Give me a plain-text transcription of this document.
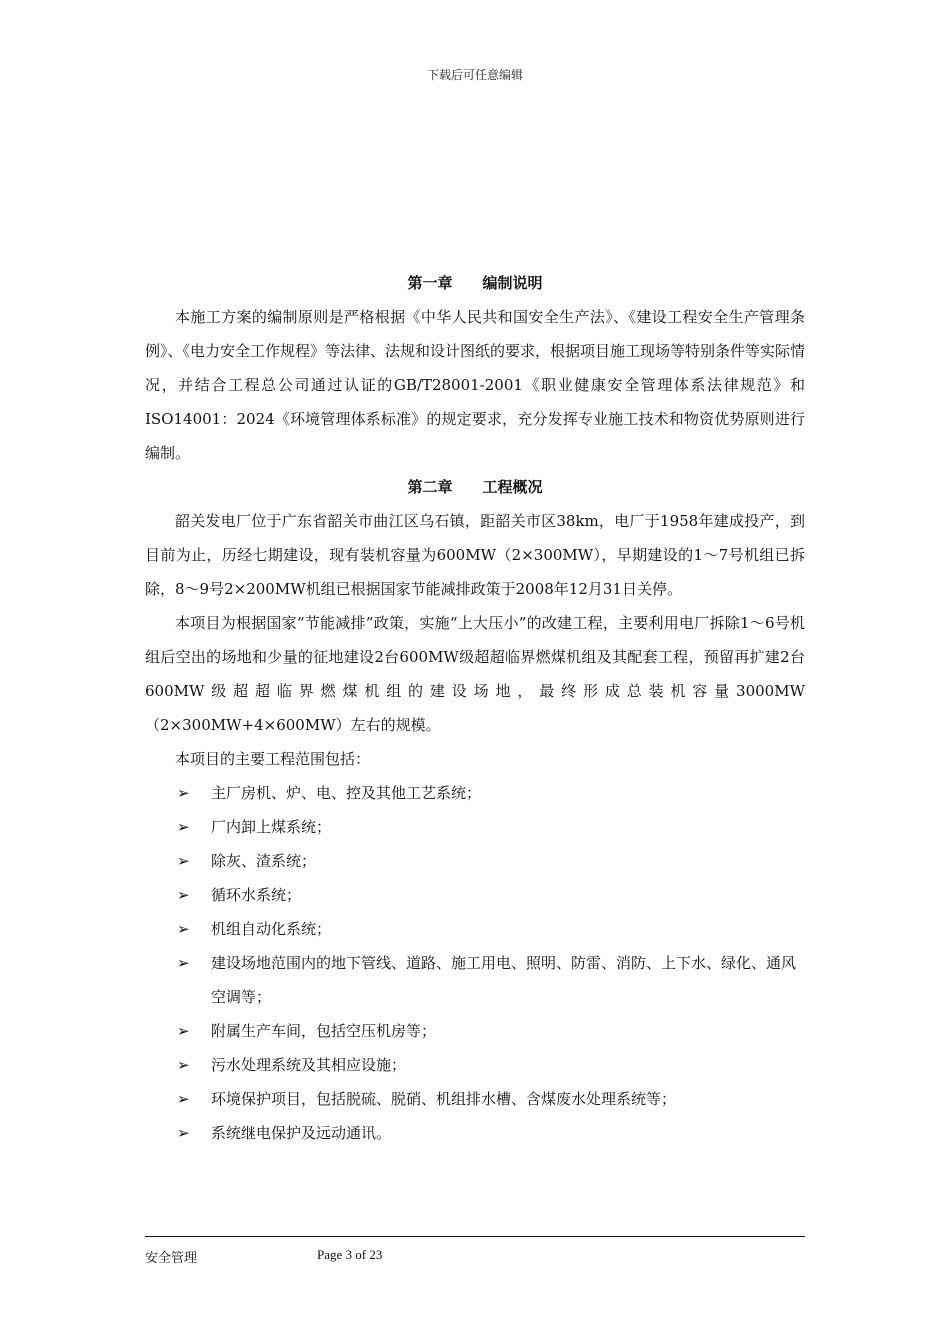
下载后可任意编辑
第一章 编制说明

本施工方案的编制原则是严格根据《中华人民共和国安全生产法》、《建设工程安全生产管理条例》、《电力安全工作规程》等法律、法规和设计图纸的要求，根据项目施工现场等特别条件等实际情况，并结合工程总公司通过认证的GB/T28001-2001《职业健康安全管理体系法律规范》和ISO14001：2024《环境管理体系标准》的规定要求，充分发挥专业施工技术和物资优势原则进行编制。

第二章 工程概况

韶关发电厂位于广东省韶关市曲江区乌石镇，距韶关市区38km，电厂于1958年建成投产，到目前为止，历经七期建设，现有装机容量为600MW（2×300MW），早期建设的1～7号机组已拆除，8～9号2×200MW机组已根据国家节能减排政策于2008年12月31日关停。

本项目为根据国家“节能减排”政策，实施“上大压小”的改建工程，主要利用电厂拆除1～6号机组后空出的场地和少量的征地建设2台600MW级超超临界燃煤机组及其配套工程，预留再扩建2台600MW级超超临界燃煤机组的建设场地，最终形成总装机容量3000MW（2×300MW+4×600MW）左右的规模。

本项目的主要工程范围包括：

➢ 主厂房机、炉、电、控及其他工艺系统；
➢ 厂内卸上煤系统；
➢ 除灰、渣系统；
➢ 循环水系统；
➢ 机组自动化系统；
➢ 建设场地范围内的地下管线、道路、施工用电、照明、防雷、消防、上下水、绿化、通风空调等；
➢ 附属生产车间，包括空压机房等；
➢ 污水处理系统及其相应设施；
➢ 环境保护项目，包括脱硫、脱硝、机组排水槽、含煤废水处理系统等；
➢ 系统继电保护及远动通讯。
安全管理	Page 3 of 23
